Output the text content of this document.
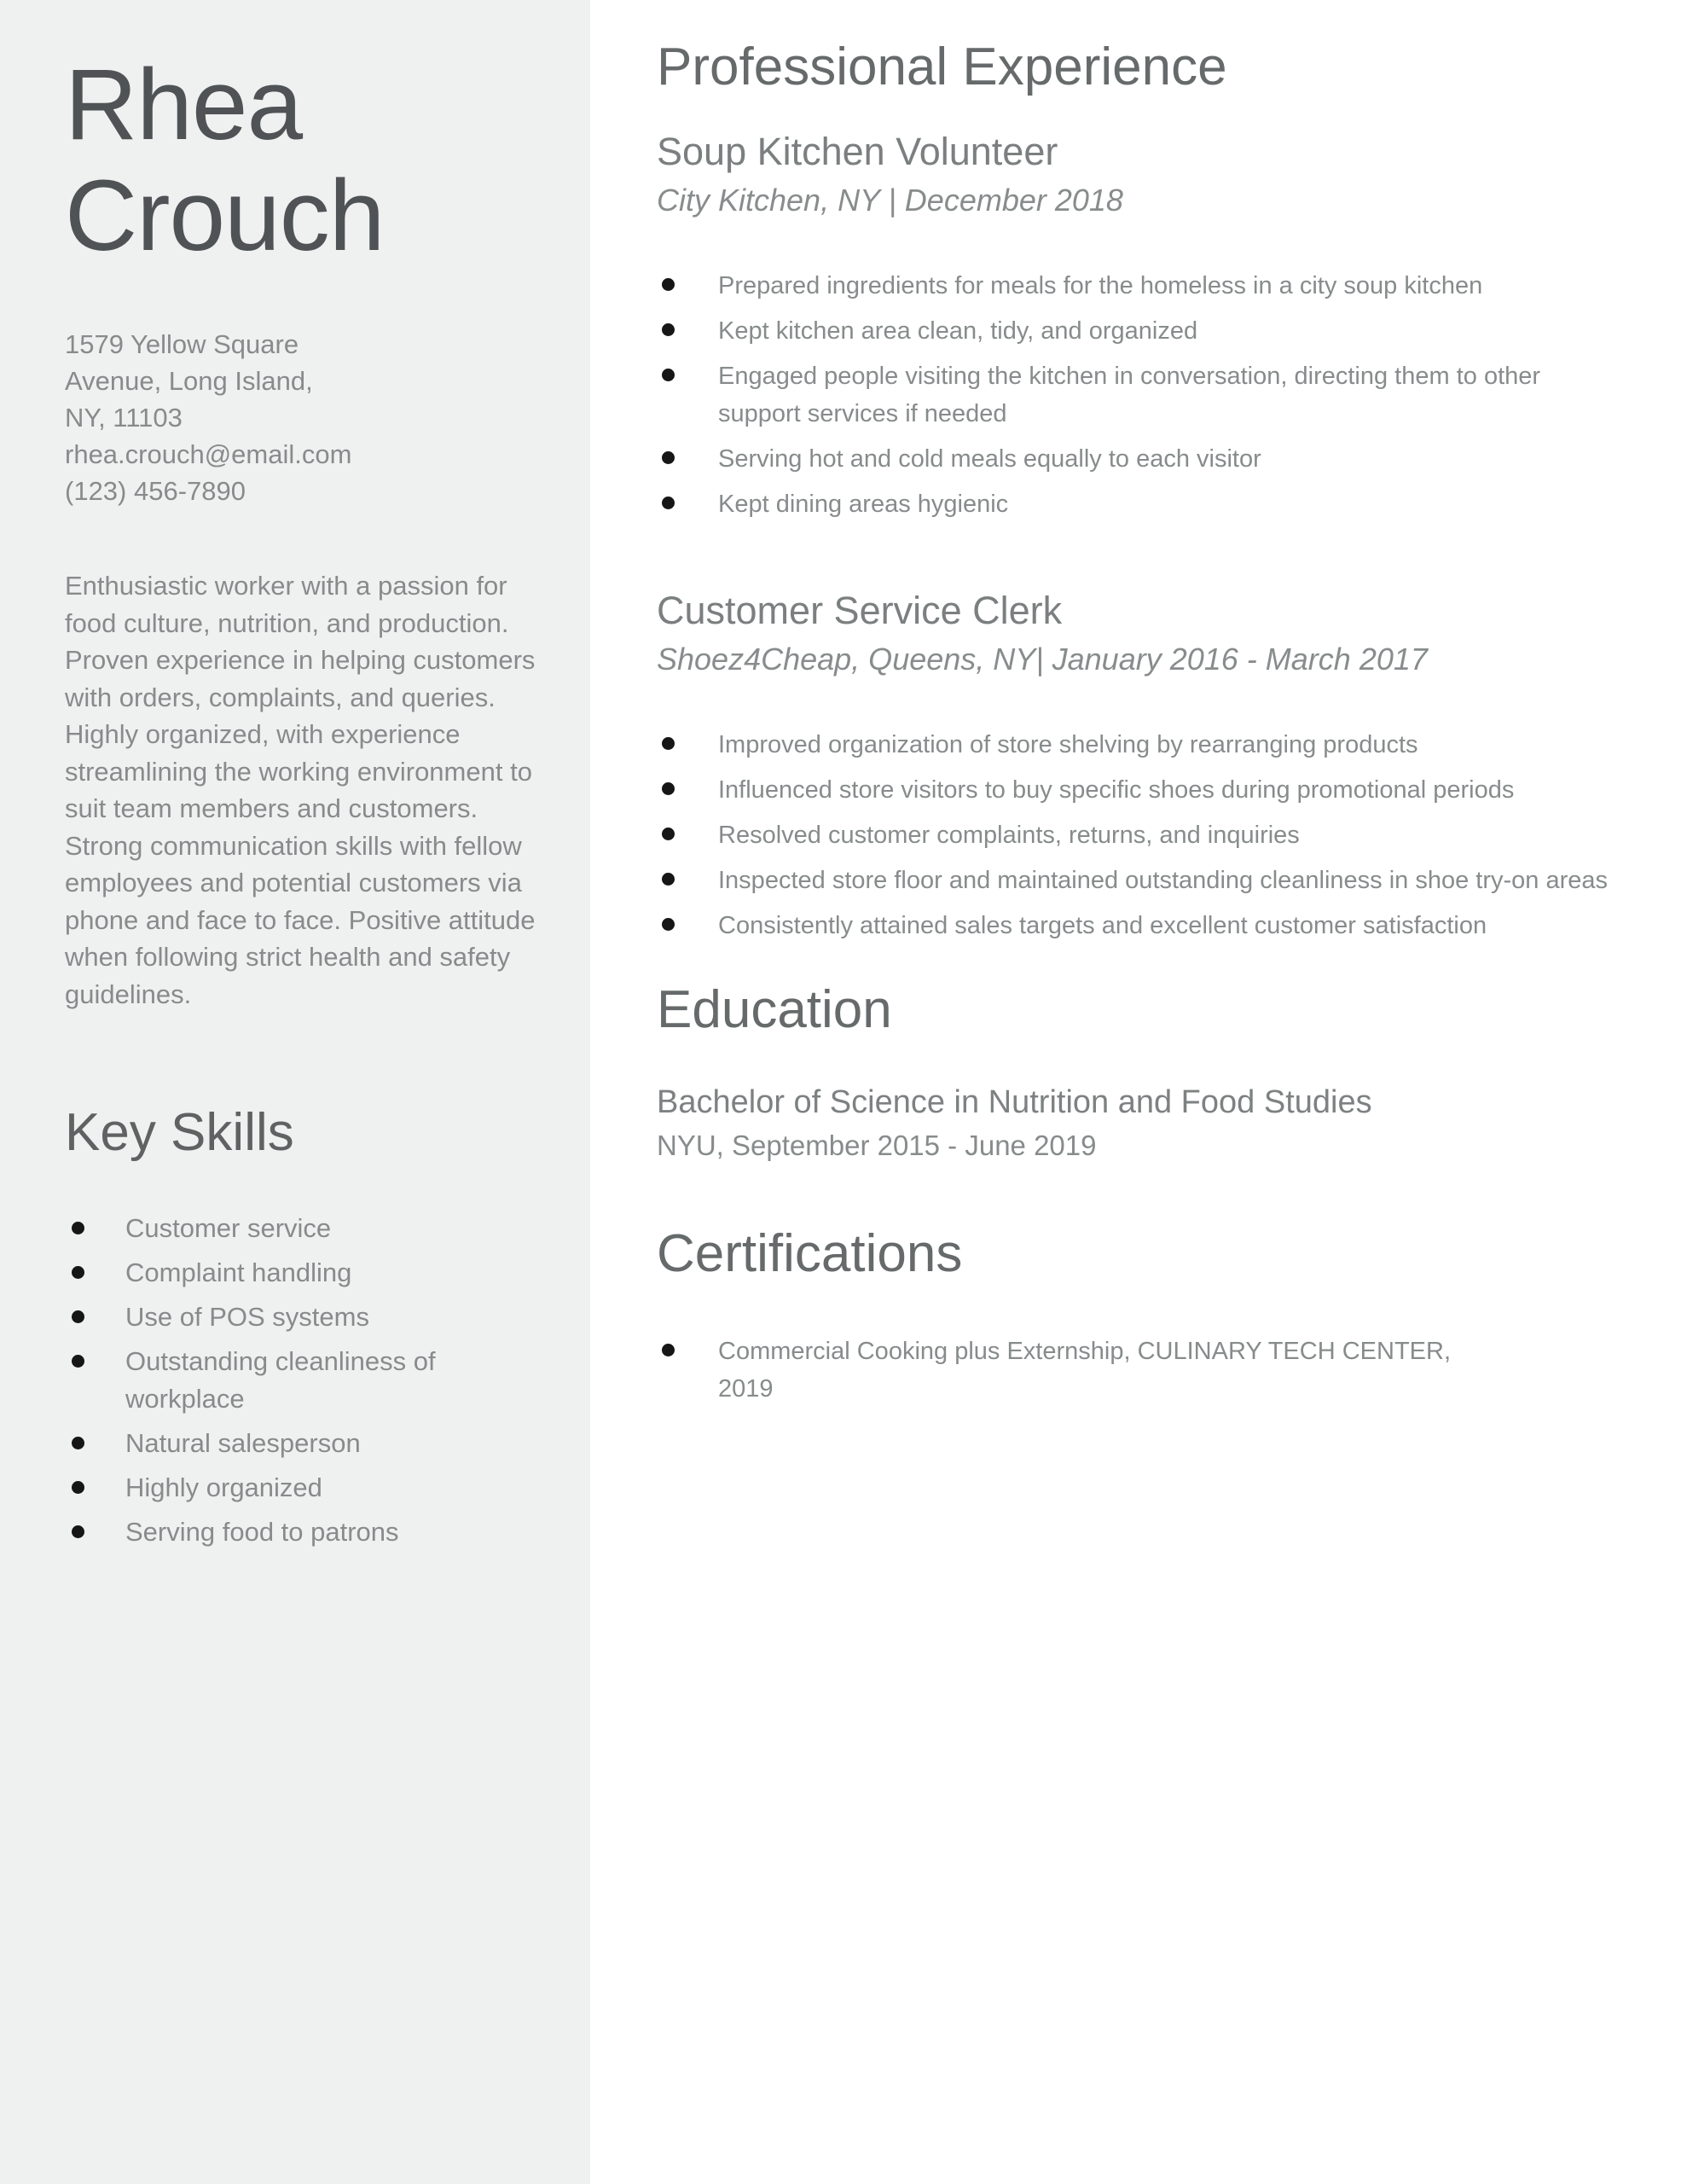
Rhea Crouch
1579 Yellow Square
Avenue, Long Island,
NY, 11103
rhea.crouch@email.com
(123) 456-7890

Enthusiastic worker with a passion for food culture, nutrition, and production. Proven experience in helping customers with orders, complaints, and queries. Highly organized, with experience streamlining the working environment to suit team members and customers. Strong communication skills with fellow employees and potential customers via phone and face to face. Positive attitude when following strict health and safety guidelines.

Key Skills
Customer service
Complaint handling
Use of POS systems
Outstanding cleanliness of workplace
Natural salesperson
Highly organized
Serving food to patrons
Professional Experience
Soup Kitchen Volunteer
City Kitchen, NY | December 2018
Prepared ingredients for meals for the homeless in a city soup kitchen
Kept kitchen area clean, tidy, and organized
Engaged people visiting the kitchen in conversation, directing them to other support services if needed
Serving hot and cold meals equally to each visitor
Kept dining areas hygienic
Customer Service Clerk
Shoez4Cheap, Queens, NY| January 2016 - March 2017
Improved organization of store shelving by rearranging products
Influenced store visitors to buy specific shoes during promotional periods
Resolved customer complaints, returns, and inquiries
Inspected store floor and maintained outstanding cleanliness in shoe try-on areas
Consistently attained sales targets and excellent customer satisfaction
Education
Bachelor of Science in Nutrition and Food Studies
NYU, September 2015 - June 2019
Certifications
Commercial Cooking plus Externship, CULINARY TECH CENTER, 2019
